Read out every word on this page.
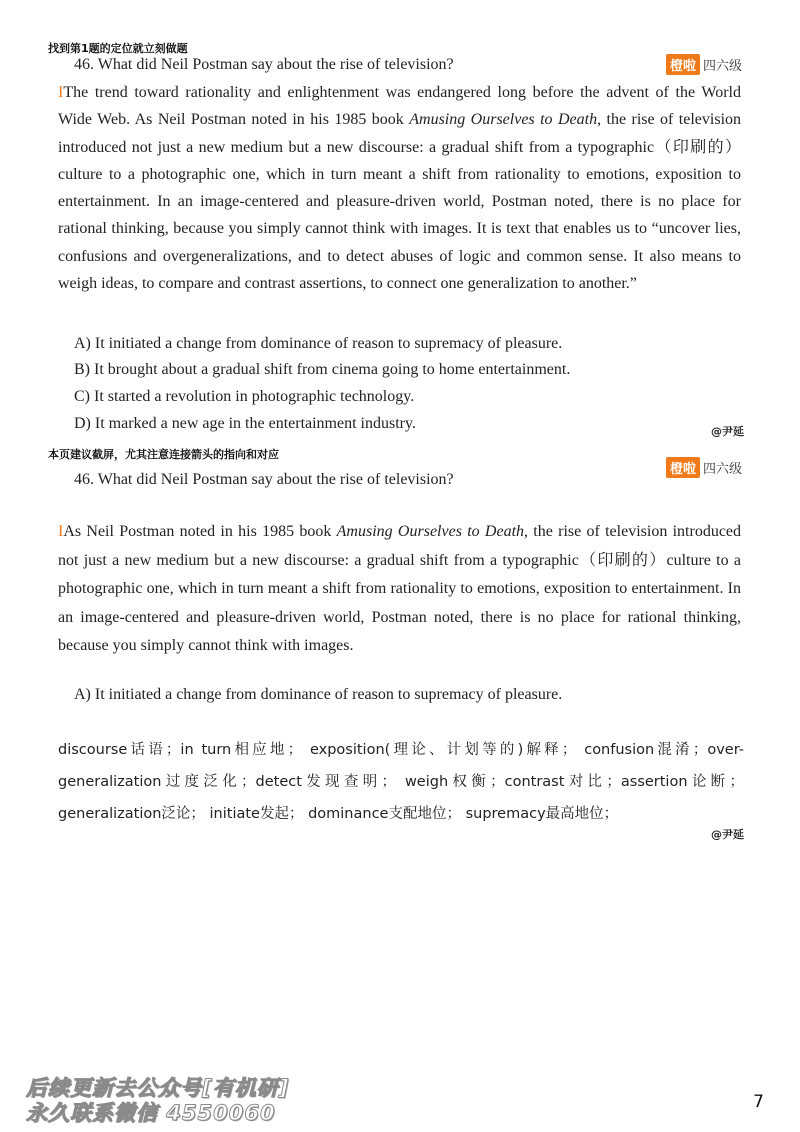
找到第1题的定位就立刻做题
46. What did Neil Postman say about the rise of television?	橙啦 四六级
IThe trend toward rationality and enlightenment was endangered long before the advent of the World Wide Web. As Neil Postman noted in his 1985 book Amusing Ourselves to Death, the rise of television introduced not just a new medium but a new discourse: a gradual shift from a typographic（印刷的）culture to a photographic one, which in turn meant a shift from rationality to emotions, exposition to entertainment. In an image-centered and pleasure-driven world, Postman noted, there is no place for rational thinking, because you simply cannot think with images. It is text that enables us to “uncover lies, confusions and overgeneralizations, and to detect abuses of logic and common sense. It also means to weigh ideas, to compare and contrast assertions, to connect one generalization to another.”
A) It initiated a change from dominance of reason to supremacy of pleasure.
B) It brought about a gradual shift from cinema going to home entertainment.
C) It started a revolution in photographic technology.
D) It marked a new age in the entertainment industry.	@尹延
本页建议截屏，尤其注意连接箭头的指向和对应
橙啦 四六级
46. What did Neil Postman say about the rise of television?
IAs Neil Postman noted in his 1985 book Amusing Ourselves to Death, the rise of television introduced not just a new medium but a new discourse: a gradual shift from a typographic（印刷的）culture to a photographic one, which in turn meant a shift from rationality to emotions, exposition to entertainment. In an image-centered and pleasure-driven world, Postman noted, there is no place for rational thinking, because you simply cannot think with images.
A) It initiated a change from dominance of reason to supremacy of pleasure.
discourse话语；in turn相应地； exposition(理论、计划等的)解释； confusion混淆；over-generalization过度泛化；detect发现查明； weigh权衡；contrast对比；assertion论断；generalization泛论； initiate发起； dominance支配地位； supremacy最高地位；
@尹延
后续更新去公众号[有机研]
永久联系微信 4550060	7
